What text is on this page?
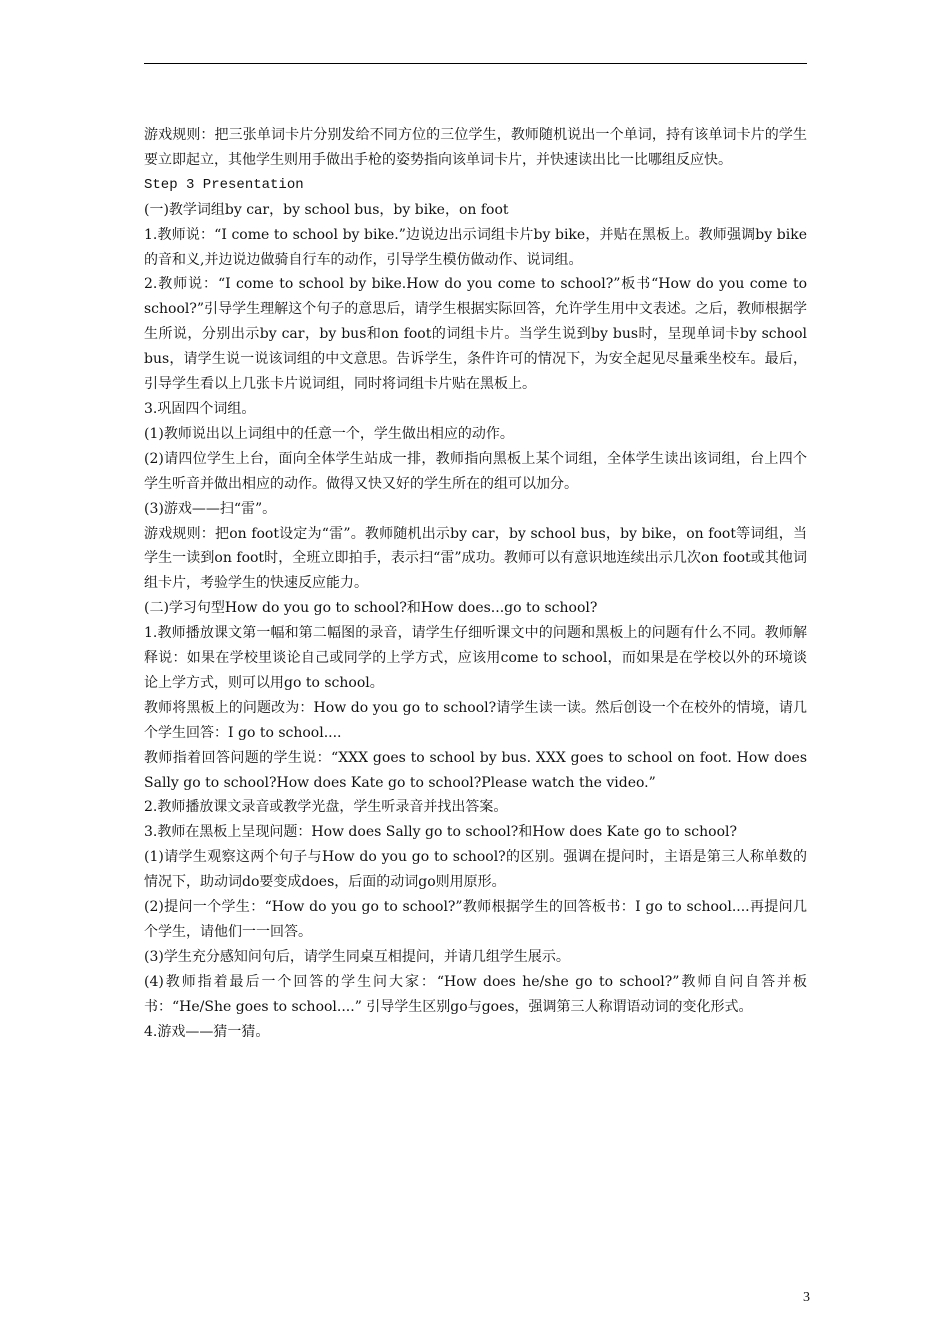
游戏规则：把三张单词卡片分别发给不同方位的三位学生，教师随机说出一个单词，持有该单词卡片的学生要立即起立，其他学生则用手做出手枪的姿势指向该单词卡片，并快速读出比一比哪组反应快。

Step 3 Presentation

(一)教学词组by car，by school bus，by bike，on foot

1.教师说：“I come to school by bike.”边说边出示词组卡片by bike，并贴在黑板上。教师强调by bike的音和义,并边说边做骑自行车的动作，引导学生模仿做动作、说词组。

2.教师说：“I come to school by bike.How do you come to school?”板书“How do you come to school?”引导学生理解这个句子的意思后，请学生根据实际回答，允许学生用中文表述。之后，教师根据学生所说，分别出示by car，by bus和on foot的词组卡片。当学生说到by bus时，呈现单词卡by school bus，请学生说一说该词组的中文意思。告诉学生，条件许可的情况下，为安全起见尽量乘坐校车。最后，引导学生看以上几张卡片说词组，同时将词组卡片贴在黑板上。

3.巩固四个词组。

(1)教师说出以上词组中的任意一个，学生做出相应的动作。

(2)请四位学生上台，面向全体学生站成一排，教师指向黑板上某个词组，全体学生读出该词组，台上四个学生听音并做出相应的动作。做得又快又好的学生所在的组可以加分。

(3)游戏——扫“雷”。

游戏规则：把on foot设定为“雷”。教师随机出示by car，by school bus，by bike，on foot等词组，当学生一读到on foot时，全班立即拍手，表示扫“雷”成功。教师可以有意识地连续出示几次on foot或其他词组卡片，考验学生的快速反应能力。

(二)学习句型How do you go to school?和How does...go to school?

1.教师播放课文第一幅和第二幅图的录音，请学生仔细听课文中的问题和黑板上的问题有什么不同。教师解释说：如果在学校里谈论自己或同学的上学方式，应该用come to school，而如果是在学校以外的环境谈论上学方式，则可以用go to school。

教师将黑板上的问题改为：How do you go to school?请学生读一读。然后创设一个在校外的情境，请几个学生回答：I go to school....

教师指着回答问题的学生说：“XXX goes to school by bus. XXX goes to school on foot. How does Sally go to school?How does Kate go to school?Please watch the video.”

2.教师播放课文录音或教学光盘，学生听录音并找出答案。

3.教师在黑板上呈现问题：How does Sally go to school?和How does Kate go to school?

(1)请学生观察这两个句子与How do you go to school?的区别。强调在提问时，主语是第三人称单数的情况下，助动词do要变成does，后面的动词go则用原形。

(2)提问一个学生：“How do you go to school?”教师根据学生的回答板书：I go to school....再提问几个学生，请他们一一回答。

(3)学生充分感知问句后，请学生同桌互相提问，并请几组学生展示。

(4)教师指着最后一个回答的学生问大家：“How does he/she go to school?”教师自问自答并板书：“He/She goes to school....” 引导学生区别go与goes，强调第三人称谓语动词的变化形式。

4.游戏——猜一猜。

3
